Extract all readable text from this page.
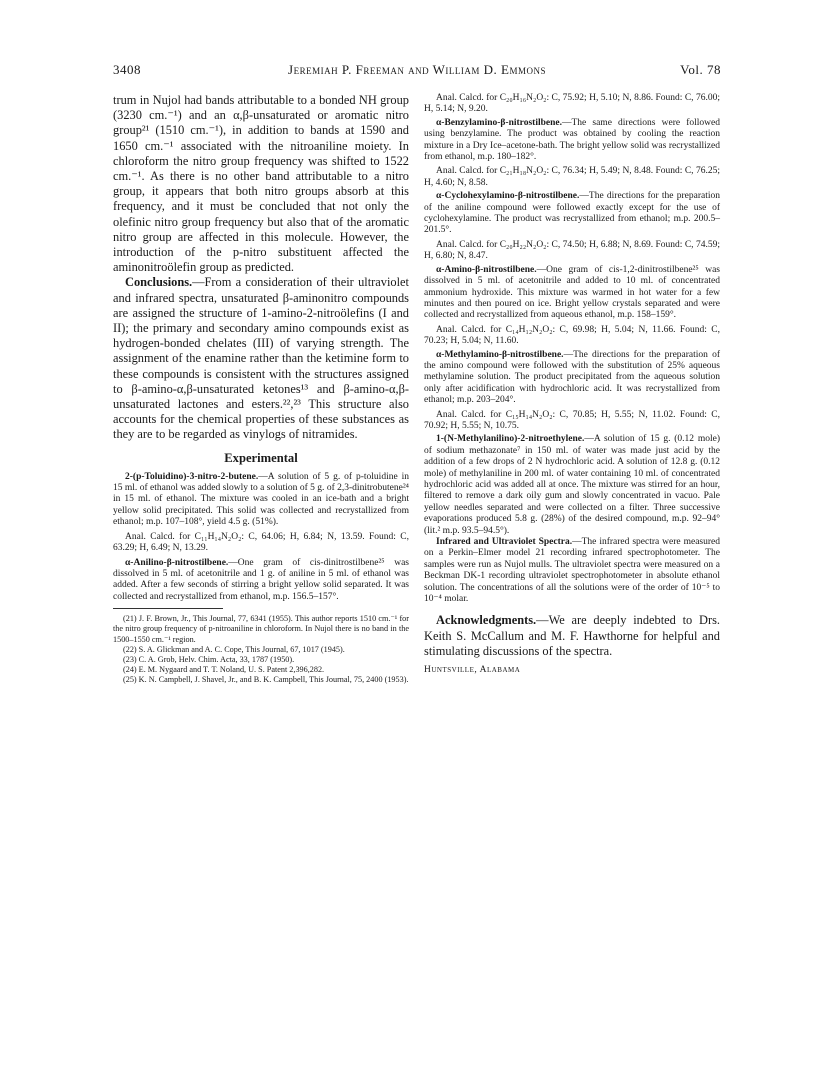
3408	Jeremiah P. Freeman and William D. Emmons	Vol. 78

trum in Nujol had bands attributable to a bonded NH group (3230 cm.⁻¹) and an α,β-unsaturated or aromatic nitro group²¹ (1510 cm.⁻¹), in addition to bands at 1590 and 1650 cm.⁻¹ associated with the nitroaniline moiety. In chloroform the nitro group frequency was shifted to 1522 cm.⁻¹. As there is no other band attributable to a nitro group, it appears that both nitro groups absorb at this frequency, and it must be concluded that not only the olefinic nitro group frequency but also that of the aromatic nitro group are affected in this molecule. However, the introduction of the p-nitro substituent affected the aminonitroölefin group as predicted.

Conclusions.—From a consideration of their ultraviolet and infrared spectra, unsaturated β-aminonitro compounds are assigned the structure of 1-amino-2-nitroölefins (I and II); the primary and secondary amino compounds exist as hydrogen-bonded chelates (III) of varying strength. The assignment of the enamine rather than the ketimine form to these compounds is consistent with the structures assigned to β-amino-α,β-unsaturated ketones¹³ and β-amino-α,β-unsaturated lactones and esters.²²,²³ This structure also accounts for the chemical properties of these substances as they are to be regarded as vinylogs of nitramides.

Experimental

2-(p-Toluidino)-3-nitro-2-butene.—A solution of 5 g. of p-toluidine in 15 ml. of ethanol was added slowly to a solution of 5 g. of 2,3-dinitrobutene²⁴ in 15 ml. of ethanol. The mixture was cooled in an ice-bath and a bright yellow solid precipitated. This solid was collected and recrystallized from ethanol; m.p. 107–108°, yield 4.5 g. (51%).

Anal. Calcd. for C₁₁H₁₄N₂O₂: C, 64.06; H, 6.84; N, 13.59. Found: C, 63.29; H, 6.49; N, 13.29.

α-Anilino-β-nitrostilbene.—One gram of cis-dinitrostilbene²⁵ was dissolved in 5 ml. of acetonitrile and 1 g. of aniline in 5 ml. of ethanol was added. After a few seconds of stirring a bright yellow solid separated. It was collected and recrystallized from ethanol, m.p. 156.5–157°.

(21) J. F. Brown, Jr., This Journal, 77, 6341 (1955). This author reports 1510 cm.⁻¹ for the nitro group frequency of p-nitroaniline in chloroform. In Nujol there is no band in the 1500–1550 cm.⁻¹ region.

(22) S. A. Glickman and A. C. Cope, This Journal, 67, 1017 (1945).

(23) C. A. Grob, Helv. Chim. Acta, 33, 1787 (1950).

(24) E. M. Nygaard and T. T. Noland, U. S. Patent 2,396,282.

(25) K. N. Campbell, J. Shavel, Jr., and B. K. Campbell, This Journal, 75, 2400 (1953).

Anal. Calcd. for C₂₀H₁₆N₂O₂: C, 75.92; H, 5.10; N, 8.86. Found: C, 76.00; H, 5.14; N, 9.20.

α-Benzylamino-β-nitrostilbene.—The same directions were followed using benzylamine. The product was obtained by cooling the reaction mixture in a Dry Ice–acetone-bath. The bright yellow solid was recrystallized from ethanol, m.p. 180–182°.

Anal. Calcd. for C₂₁H₁₈N₂O₂: C, 76.34; H, 5.49; N, 8.48. Found: C, 76.25; H, 4.60; N, 8.58.

α-Cyclohexylamino-β-nitrostilbene.—The directions for the preparation of the aniline compound were followed exactly except for the use of cyclohexylamine. The product was recrystallized from ethanol; m.p. 200.5–201.5°.

Anal. Calcd. for C₂₀H₂₂N₂O₂: C, 74.50; H, 6.88; N, 8.69. Found: C, 74.59; H, 6.80; N, 8.47.

α-Amino-β-nitrostilbene.—One gram of cis-1,2-dinitrostilbene²⁵ was dissolved in 5 ml. of acetonitrile and added to 10 ml. of concentrated ammonium hydroxide. This mixture was warmed in hot water for a few minutes and then poured on ice. Bright yellow crystals separated and were collected and recrystallized from aqueous ethanol, m.p. 158–159°.

Anal. Calcd. for C₁₄H₁₂N₂O₂: C, 69.98; H, 5.04; N, 11.66. Found: C, 70.23; H, 5.04; N, 11.60.

α-Methylamino-β-nitrostilbene.—The directions for the preparation of the amino compound were followed with the substitution of 25% aqueous methylamine solution. The product precipitated from the aqueous solution only after acidification with hydrochloric acid. It was recrystallized from ethanol; m.p. 203–204°.

Anal. Calcd. for C₁₅H₁₄N₂O₂: C, 70.85; H, 5.55; N, 11.02. Found: C, 70.92; H, 5.55; N, 10.75.

1-(N-Methylanilino)-2-nitroethylene.—A solution of 15 g. (0.12 mole) of sodium methazonate⁷ in 150 ml. of water was made just acid by the addition of a few drops of 2 N hydrochloric acid. A solution of 12.8 g. (0.12 mole) of methylaniline in 200 ml. of water containing 10 ml. of concentrated hydrochloric acid was added all at once. The mixture was stirred for an hour, filtered to remove a dark oily gum and slowly concentrated in vacuo. Pale yellow needles separated and were collected on a filter. Three successive evaporations produced 5.8 g. (28%) of the desired compound, m.p. 92–94° (lit.² m.p. 93.5–94.5°).

Infrared and Ultraviolet Spectra.—The infrared spectra were measured on a Perkin–Elmer model 21 recording infrared spectrophotometer. The samples were run as Nujol mulls. The ultraviolet spectra were measured on a Beckman DK-1 recording ultraviolet spectrophotometer in absolute ethanol solution. The concentrations of all the solutions were of the order of 10⁻⁵ to 10⁻⁴ molar.

Acknowledgments.—We are deeply indebted to Drs. Keith S. McCallum and M. F. Hawthorne for helpful and stimulating discussions of the spectra.

Huntsville, Alabama
